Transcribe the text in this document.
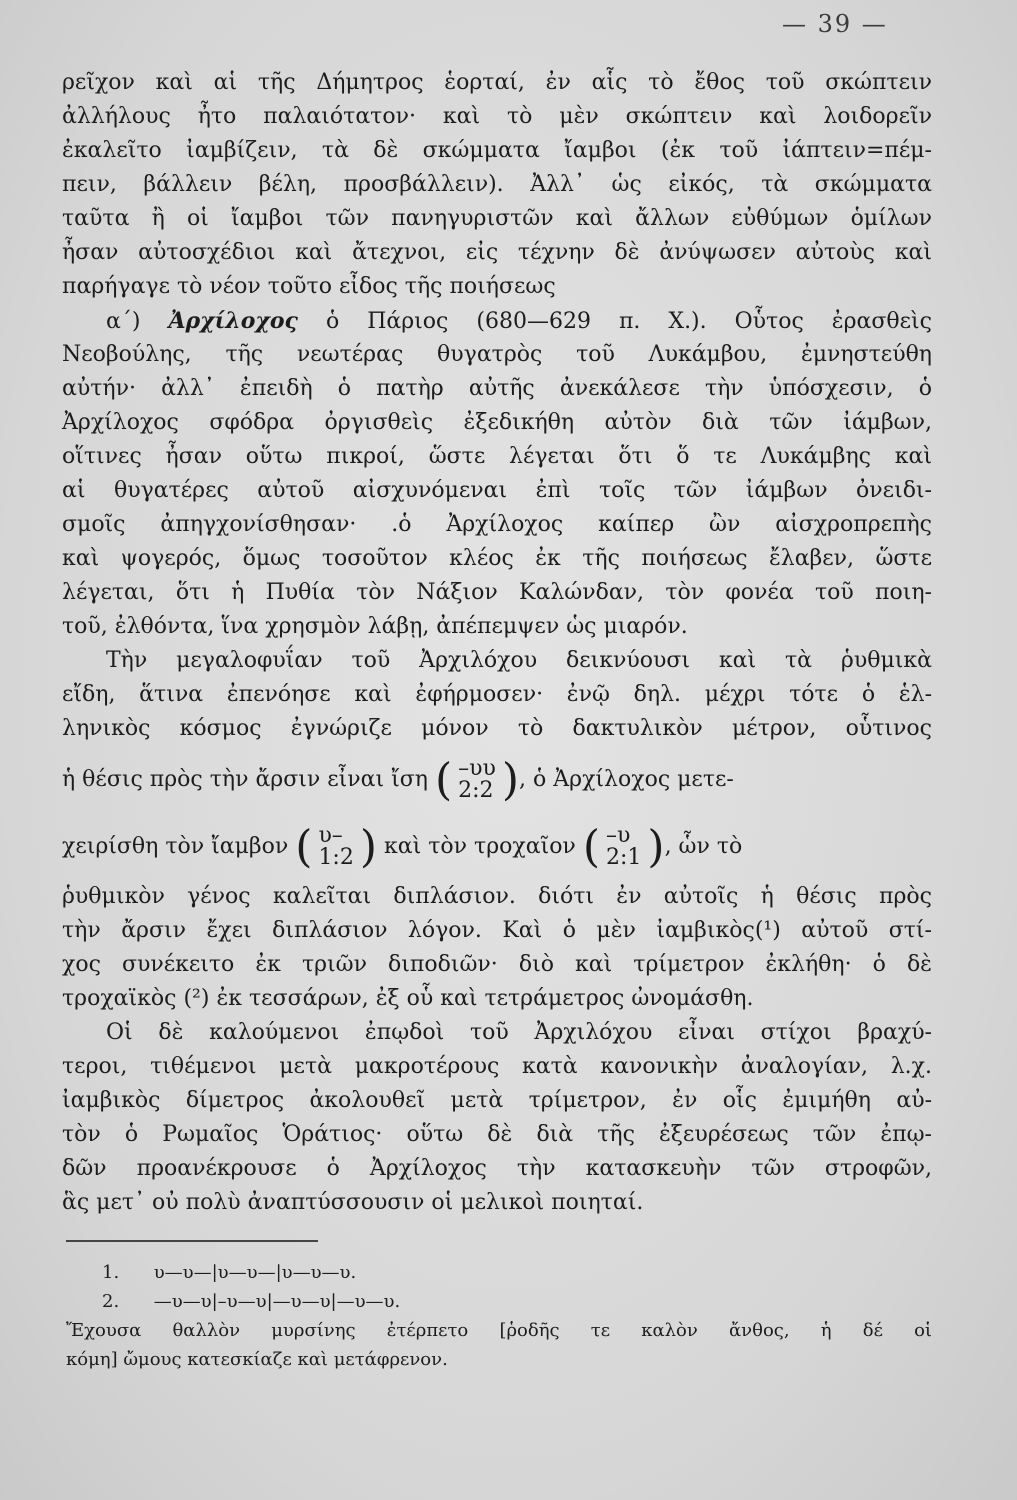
— 39 —
ρεῖχον καὶ αἱ τῆς Δήμητρος ἑορταί, ἐν αἷς τὸ ἔθος τοῦ σκώπτειν
ἀλλήλους ἦτο παλαιότατον· καὶ τὸ μὲν σκώπτειν καὶ λοιδορεῖν
ἐκαλεῖτο ἰαμβίζειν, τὰ δὲ σκώμματα ἴαμβοι (ἐκ τοῦ ἰάπτειν=πέμ-
πειν, βάλλειν βέλη, προσβάλλειν). Ἀλλ᾽ ὡς εἰκός, τὰ σκώμματα
ταῦτα ἢ οἱ ἴαμβοι τῶν πανηγυριστῶν καὶ ἄλλων εὐθύμων ὁμίλων
ἦσαν αὐτοσχέδιοι καὶ ἄτεχνοι, εἰς τέχνην δὲ ἀνύψωσεν αὐτοὺς καὶ
παρήγαγε τὸ νέον τοῦτο εἶδος τῆς ποιήσεως
α΄) Ἀρχίλοχος ὁ Πάριος (680—629 π. Χ.). Οὗτος ἐρασθεὶς
Νεοβούλης, τῆς νεωτέρας θυγατρὸς τοῦ Λυκάμβου, ἐμνηστεύθη
αὐτήν· ἀλλ᾽ ἐπειδὴ ὁ πατὴρ αὐτῆς ἀνεκάλεσε τὴν ὑπόσχεσιν, ὁ
Ἀρχίλοχος σφόδρα ὀργισθεὶς ἐξεδικήθη αὐτὸν διὰ τῶν ἰάμβων,
οἵτινες ἦσαν οὕτω πικροί, ὥστε λέγεται ὅτι ὅ τε Λυκάμβης καὶ
αἱ θυγατέρες αὐτοῦ αἰσχυνόμεναι ἐπὶ τοῖς τῶν ἰάμβων ὀνειδι-
σμοῖς ἀπηγχονίσθησαν· .ὁ Ἀρχίλοχος καίπερ ὢν αἰσχροπρεπὴς
καὶ ψογερός, ὅμως τοσοῦτον κλέος ἐκ τῆς ποιήσεως ἔλαβεν, ὥστε
λέγεται, ὅτι ἡ Πυθία τὸν Νάξιον Καλώνδαν, τὸν φονέα τοῦ ποιη-
τοῦ, ἐλθόντα, ἵνα χρησμὸν λάβῃ, ἀπέπεμψεν ὡς μιαρόν.
Τὴν μεγαλοφυΐαν τοῦ Ἀρχιλόχου δεικνύουσι καὶ τὰ ῥυθμικὰ
εἴδη, ἅτινα ἐπενόησε καὶ ἐφήρμοσεν· ἐνῷ δηλ. μέχρι τότε ὁ ἑλ-
ληνικὸς κόσμος ἐγνώριζε μόνον τὸ δακτυλικὸν μέτρον, οὗτινος
ἡ θέσις πρὸς τὴν ἄρσιν εἶναι ἴση ( –υυ
2:2 ), ὁ Ἀρχίλοχος μετε-
χειρίσθη τὸν ἴαμβον ( υ–
1:2 ) καὶ τὸν τροχαῖον ( –υ
2:1 ), ὧν τὸ
ῥυθμικὸν γένος καλεῖται διπλάσιον. διότι ἐν αὐτοῖς ἡ θέσις πρὸς
τὴν ἄρσιν ἔχει διπλάσιον λόγον. Καὶ ὁ μὲν ἰαμβικὸς(¹) αὐτοῦ στί-
χος συνέκειτο ἐκ τριῶν διποδιῶν· διὸ καὶ τρίμετρον ἐκλήθη· ὁ δὲ
τροχαϊκὸς (²) ἐκ τεσσάρων, ἐξ οὗ καὶ τετράμετρος ὠνομάσθη.
Οἱ δὲ καλούμενοι ἐπῳδοὶ τοῦ Ἀρχιλόχου εἶναι στίχοι βραχύ-
τεροι, τιθέμενοι μετὰ μακροτέρους κατὰ κανονικὴν ἀναλογίαν, λ.χ.
ἰαμβικὸς δίμετρος ἀκολουθεῖ μετὰ τρίμετρον, ἐν οἷς ἐμιμήθη αὐ-
τὸν ὁ Ρωμαῖος Ὁράτιος· οὕτω δὲ διὰ τῆς ἐξευρέσεως τῶν ἐπῳ-
δῶν προανέκρουσε ὁ Ἀρχίλοχος τὴν κατασκευὴν τῶν στροφῶν,
ἃς μετ᾽ οὐ πολὺ ἀναπτύσσουσιν οἱ μελικοὶ ποιηταί.
1. υ—υ—|υ—υ—|υ—υ—υ.
2. —υ—υ|–υ—υ|—υ—υ|—υ—υ.
Ἔχουσα θαλλὸν μυρσίνης ἐτέρπετο [ῥοδῆς τε καλὸν ἄνθος, ἡ δέ οἱ
κόμη] ὤμους κατεσκίαζε καὶ μετάφρενον.
